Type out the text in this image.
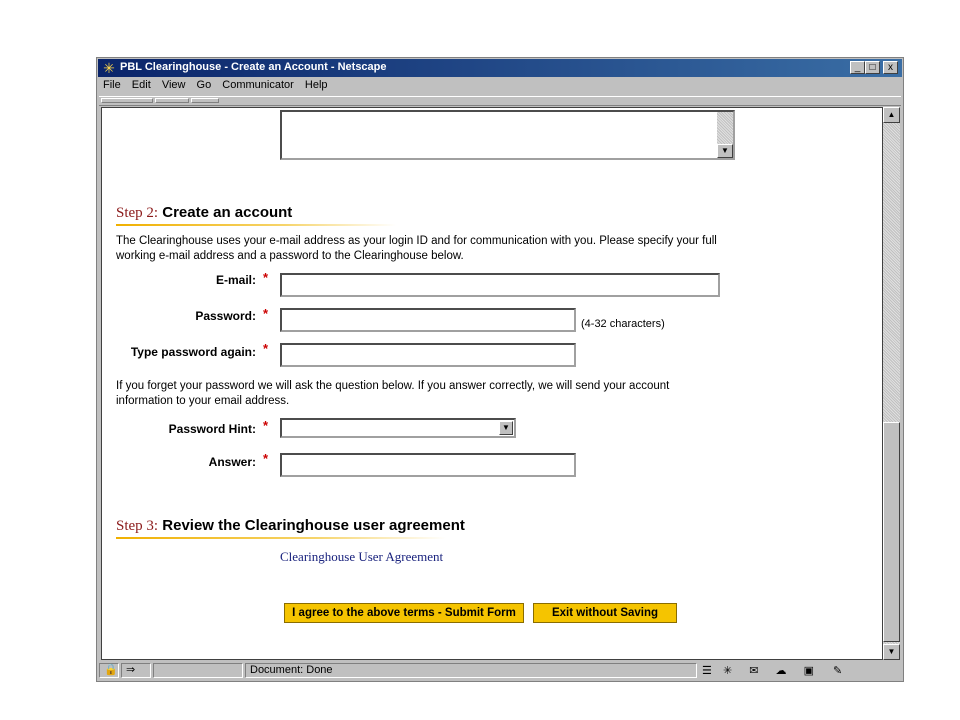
✳ PBL Clearinghouse - Create an Account - Netscape	_ □	x
File Edit View Go Communicator Help
▼
Step 2: Create an account
The Clearinghouse uses your e-mail address as your login ID and for communication with you. Please specify your full working e-mail address and a password to the Clearinghouse below.
E-mail: *
Password: *
(4-32 characters)
Type password again: *
If you forget your password we will ask the question below. If you answer correctly, we will send your account information to your email address.
Password Hint: *	▼
Answer: *
Step 3: Review the Clearinghouse user agreement
Clearinghouse User Agreement
I agree to the above terms - Submit Form	Exit without Saving
▲
▼
🔒 ⇒	Document: Done	☰ ✳ ✉ ☁ ▣ ✎
